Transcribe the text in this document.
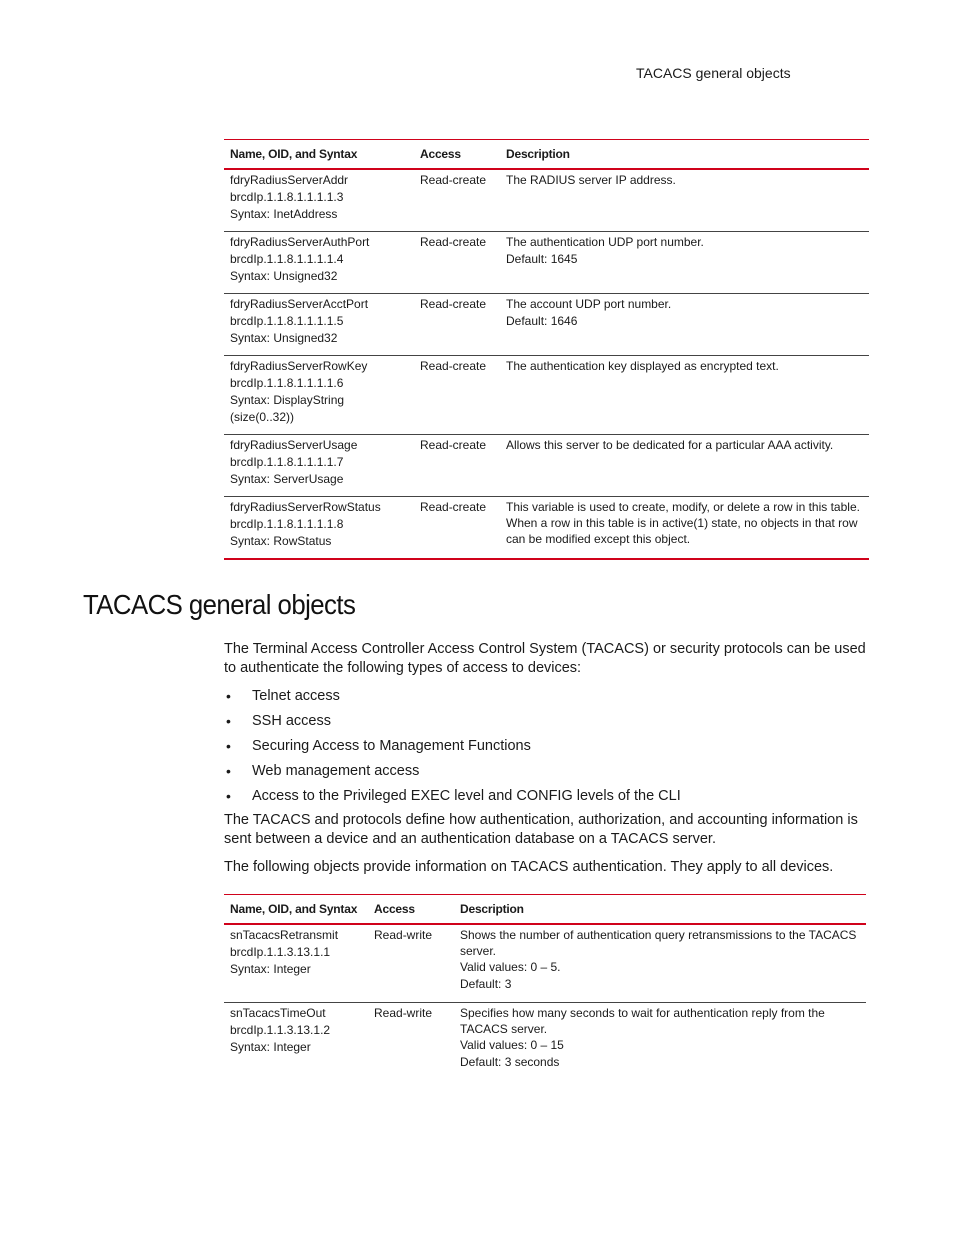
TACACS general objects
Name, OID, and Syntax	Access	Description

fdryRadiusServerAddr
brcdIp.1.1.8.1.1.1.1.3
Syntax: InetAddress	Read-create	The RADIUS server IP address.

fdryRadiusServerAuthPort
brcdIp.1.1.8.1.1.1.1.4
Syntax: Unsigned32	Read-create	The authentication UDP port number.
Default: 1645

fdryRadiusServerAcctPort
brcdIp.1.1.8.1.1.1.1.5
Syntax: Unsigned32	Read-create	The account UDP port number.
Default: 1646

fdryRadiusServerRowKey
brcdIp.1.1.8.1.1.1.1.6
Syntax: DisplayString
(size(0..32))	Read-create	The authentication key displayed as encrypted text.

fdryRadiusServerUsage
brcdIp.1.1.8.1.1.1.1.7
Syntax: ServerUsage	Read-create	Allows this server to be dedicated for a particular AAA activity.

fdryRadiusServerRowStatus
brcdIp.1.1.8.1.1.1.1.8
Syntax: RowStatus	Read-create	This variable is used to create, modify, or delete a row in this table. When a row in this table is in active(1) state, no objects in that row can be modified except this object.
TACACS general objects

The Terminal Access Controller Access Control System (TACACS) or security protocols can be used to authenticate the following types of access to devices:

• Telnet access
• SSH access
• Securing Access to Management Functions
• Web management access
• Access to the Privileged EXEC level and CONFIG levels of the CLI

The TACACS and protocols define how authentication, authorization, and accounting information is sent between a device and an authentication database on a TACACS server.

The following objects provide information on TACACS authentication. They apply to all devices.

Name, OID, and Syntax	Access	Description

snTacacsRetransmit
brcdIp.1.1.3.13.1.1
Syntax: Integer	Read-write	Shows the number of authentication query retransmissions to the TACACS server.
Valid values: 0 – 5.
Default: 3

snTacacsTimeOut
brcdIp.1.1.3.13.1.2
Syntax: Integer	Read-write	Specifies how many seconds to wait for authentication reply from the TACACS server.
Valid values: 0 – 15
Default: 3 seconds
